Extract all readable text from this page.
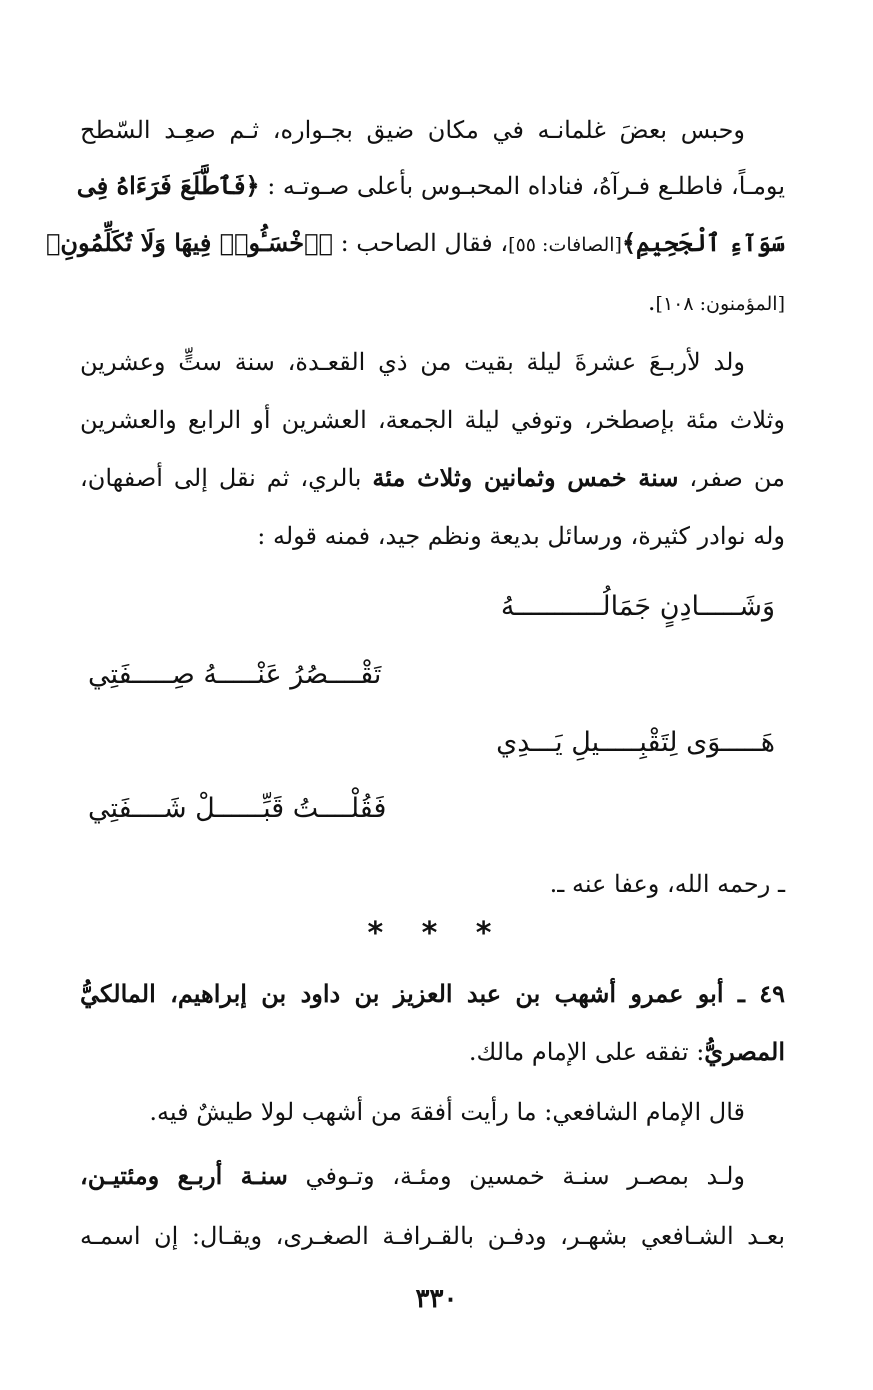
وحبس بعضَ غلمانـه في مكان ضيق بجـواره، ثـم صعِـد السّطح
يومـاً، فاطلـع فـرآهُ، فناداه المحبـوس بأعلى صـوتـه : ﴿فَٱطَّلَعَ فَرَءَاهُ فِى
سَوَآءِ ٱلْجَحِيمِ﴾[الصافات: ٥٥]، فقال الصاحب : ﴿ٱخْسَـُٔوا۟ فِيهَا وَلَا تُكَلِّمُونِ﴾
[المؤمنون: ١٠٨].
ولد لأربـعَ عشرةَ ليلة بقيت من ذي القعـدة، سنة ستٍّ وعشرين
وثلاث مئة بإصطخر، وتوفي ليلة الجمعة، العشرين أو الرابع والعشرين
من صفر، سنة خمس وثمانين وثلاث مئة بالري، ثم نقل إلى أصفهان،
وله نوادر كثيرة، ورسائل بديعة ونظم جيد، فمنه قوله :
وَشَـــــادِنٍ جَمَالُـــــــــــهُ
تَقْــــصُرُ عَنْـــــهُ صِـــــفَتِي
هَـــــوَى لِتَقْبِـــــيلِ يَـــدِي
فَقُلْــــتُ قَبِّــــــلْ شَــــفَتِي
ـ رحمه الله، وعفا عنه ـ.
* * *
٤٩ ـ أبو عمرو أشهب بن عبد العزيز بن داود بن إبراهيم، المالكيُّ
المصريُّ: تفقه على الإمام مالك.
قال الإمام الشافعي: ما رأيت أفقهَ من أشهب لولا طيشٌ فيه.
ولـد بمصـر سنـة خمسين ومئـة، وتـوفي سنـة أربـع ومئتيـن،
بعـد الشـافعي بشهـر، ودفـن بالقـرافـة الصغـرى، ويقـال: إن اسمـه
٣٣٠
